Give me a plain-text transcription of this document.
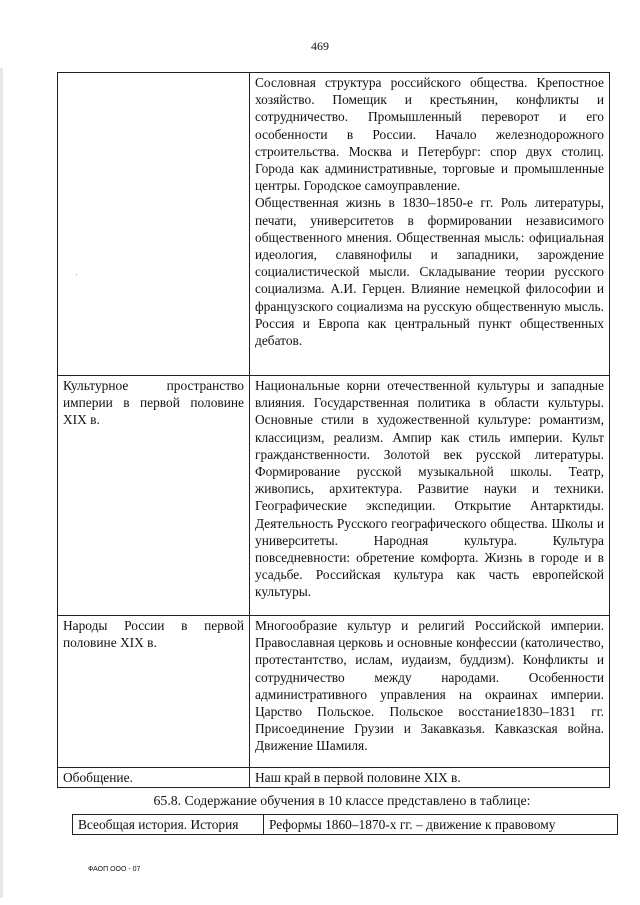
469

	Сословная структура российского общества. Крепостное хозяйство. Помещик и крестьянин, конфликты и сотрудничество. Промышленный переворот и его особенности в России. Начало железнодорожного строительства. Москва и Петербург: спор двух столиц. Города как административные, торговые и промышленные центры. Городское самоуправление.

Общественная жизнь в 1830–1850-е гг. Роль литературы, печати, университетов в формировании независимого общественного мнения. Общественная мысль: официальная идеология, славянофилы и западники, зарождение социалистической мысли. Складывание теории русского социализма. А.И. Герцен. Влияние немецкой философии и французского социализма на русскую общественную мысль. Россия и Европа как центральный пункт общественных дебатов.

Культурное пространство империи в первой половине XIX в.	Национальные корни отечественной культуры и западные влияния. Государственная политика в области культуры. Основные стили в художественной культуре: романтизм, классицизм, реализм. Ампир как стиль империи. Культ гражданственности. Золотой век русской литературы. Формирование русской музыкальной школы. Театр, живопись, архитектура. Развитие науки и техники. Географические экспедиции. Открытие Антарктиды. Деятельность Русского географического общества. Школы и университеты. Народная культура. Культура повседневности: обретение комфорта. Жизнь в городе и в усадьбе. Российская культура как часть европейской культуры.

Народы России в первой половине XIX в.	Многообразие культур и религий Российской империи. Православная церковь и основные конфессии (католичество, протестантство, ислам, иудаизм, буддизм). Конфликты и сотрудничество между народами. Особенности административного управления на окраинах империи. Царство Польское. Польское восстание1830–1831 гг. Присоединение Грузии и Закавказья. Кавказская война. Движение Шамиля.

Обобщение.	Наш край в первой половине XIX в.

65.8. Содержание обучения в 10 классе представлено в таблице:
Всеобщая история. История	Реформы 1860–1870-х гг. – движение к правовому
ФАОП ООО - 07
